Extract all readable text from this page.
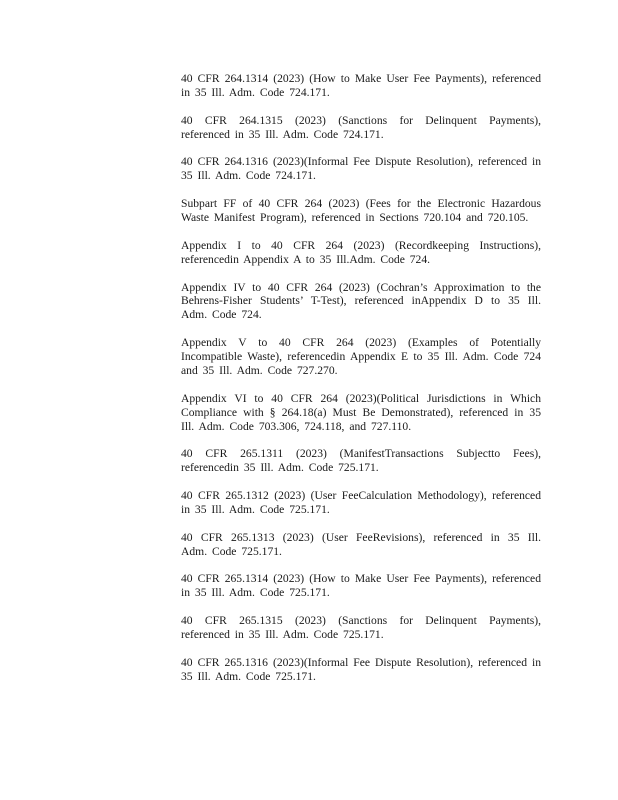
40 CFR 264.1314 (2023) (How to Make User Fee Payments), referenced in 35 Ill. Adm. Code 724.171.

40 CFR 264.1315 (2023) (Sanctions for Delinquent Payments), referenced in 35 Ill. Adm. Code 724.171.

40 CFR 264.1316 (2023)(Informal Fee Dispute Resolution), referenced in 35 Ill. Adm. Code 724.171.

Subpart FF of 40 CFR 264 (2023) (Fees for the Electronic Hazardous Waste Manifest Program), referenced in Sections 720.104 and 720.105.

Appendix I to 40 CFR 264 (2023) (Recordkeeping Instructions), referencedin Appendix A to 35 Ill.Adm. Code 724.

Appendix IV to 40 CFR 264 (2023) (Cochran’s Approximation to the Behrens-Fisher Students’ T-Test), referenced inAppendix D to 35 Ill. Adm. Code 724.

Appendix V to 40 CFR 264 (2023) (Examples of Potentially Incompatible Waste), referencedin Appendix E to 35 Ill. Adm. Code 724 and 35 Ill. Adm. Code 727.270.

Appendix VI to 40 CFR 264 (2023)(Political Jurisdictions in Which Compliance with § 264.18(a) Must Be Demonstrated), referenced in 35 Ill. Adm. Code 703.306, 724.118, and 727.110.

40 CFR 265.1311 (2023) (ManifestTransactions Subjectto Fees), referencedin 35 Ill. Adm. Code 725.171.

40 CFR 265.1312 (2023) (User FeeCalculation Methodology), referenced in 35 Ill. Adm. Code 725.171.

40 CFR 265.1313 (2023) (User FeeRevisions), referenced in 35 Ill. Adm. Code 725.171.

40 CFR 265.1314 (2023) (How to Make User Fee Payments), referenced in 35 Ill. Adm. Code 725.171.

40 CFR 265.1315 (2023) (Sanctions for Delinquent Payments), referenced in 35 Ill. Adm. Code 725.171.

40 CFR 265.1316 (2023)(Informal Fee Dispute Resolution), referenced in 35 Ill. Adm. Code 725.171.
